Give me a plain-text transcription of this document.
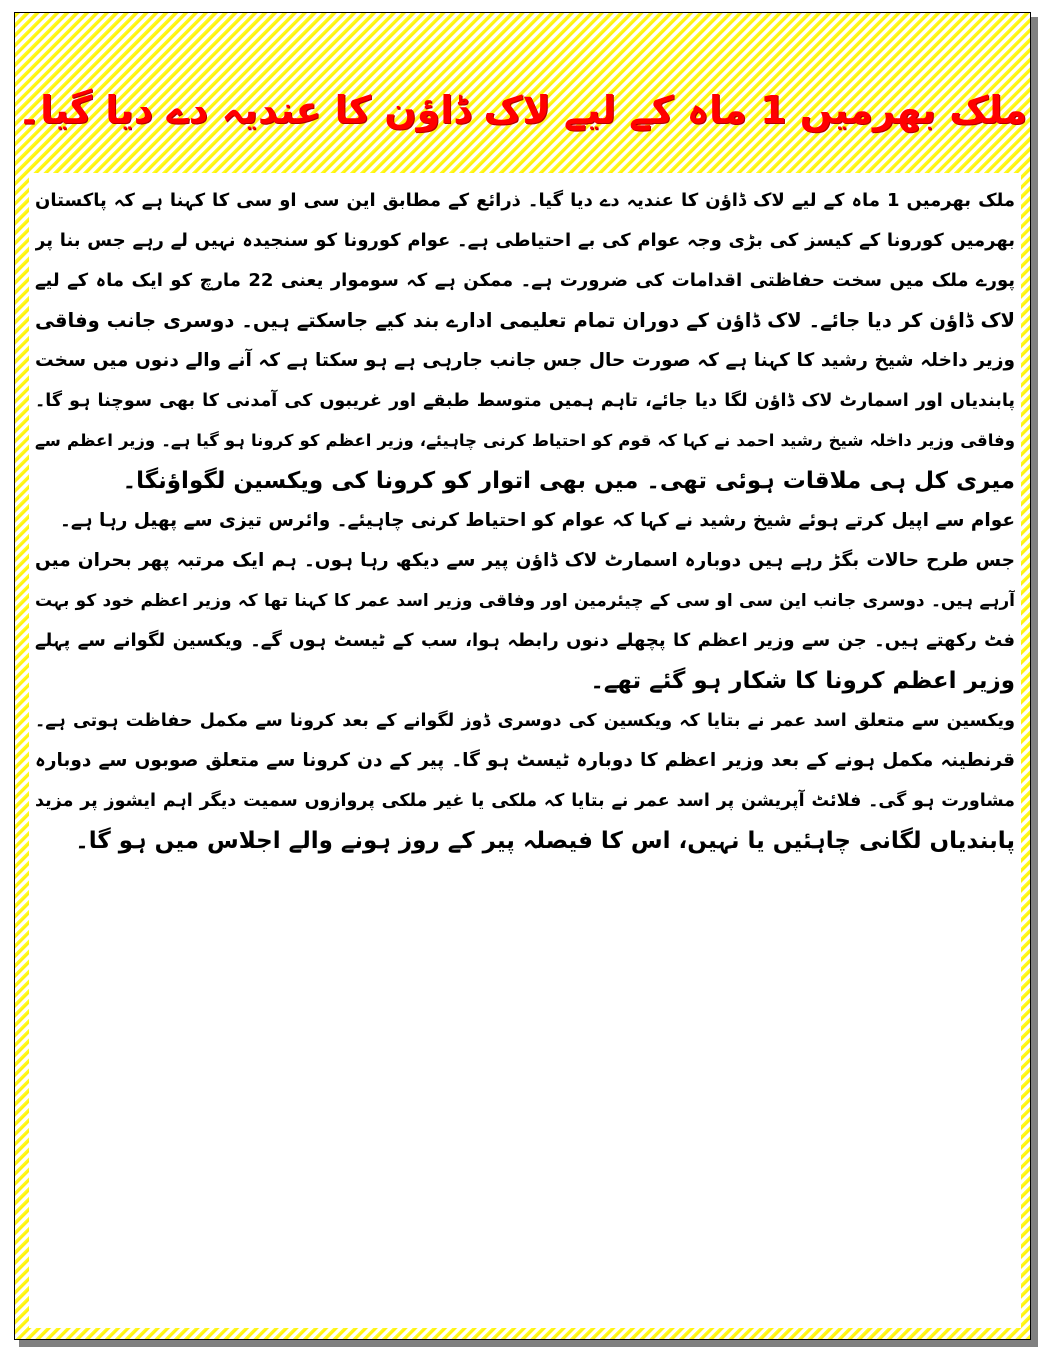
ملک بھرمیں 1 ماہ کے لیے لاک ڈاؤن کا عندیہ دے دیا گیا۔
ملک بھرمیں 1 ماہ کے لیے لاک ڈاؤن کا عندیہ دے دیا گیا۔ ذرائع کے مطابق این سی او سی کا کہنا ہے کہ پاکستان
بھرمیں کورونا کے کیسز کی بڑی وجہ عوام کی بے احتیاطی ہے۔ عوام کورونا کو سنجیدہ نہیں لے رہے جس بنا پر
پورے ملک میں سخت حفاظتی اقدامات کی ضرورت ہے۔ ممکن ہے کہ سوموار یعنی 22 مارچ کو ایک ماہ کے لیے
لاک ڈاؤن کر دیا جائے۔ لاک ڈاؤن کے دوران تمام تعلیمی ادارے بند کیے جاسکتے ہیں۔ دوسری جانب وفاقی
وزیر داخلہ شیخ رشید کا کہنا ہے کہ صورت حال جس جانب جارہی ہے ہو سکتا ہے کہ آنے والے دنوں میں سخت
پابندیاں اور اسمارٹ لاک ڈاؤن لگا دیا جائے، تاہم ہمیں متوسط طبقے اور غریبوں کی آمدنی کا بھی سوچنا ہو گا۔
وفاقی وزیر داخلہ شیخ رشید احمد نے کہا کہ قوم کو احتیاط کرنی چاہیئے، وزیر اعظم کو کرونا ہو گیا ہے۔ وزیر اعظم سے
میری کل ہی ملاقات ہوئی تھی۔ میں بھی اتوار کو کرونا کی ویکسین لگواؤنگا۔
عوام سے اپیل کرتے ہوئے شیخ رشید نے کہا کہ عوام کو احتیاط کرنی چاہیئے۔ وائرس تیزی سے پھیل رہا ہے۔
جس طرح حالات بگڑ رہے ہیں دوبارہ اسمارٹ لاک ڈاؤن پیر سے دیکھ رہا ہوں۔ ہم ایک مرتبہ پھر بحران میں
آرہے ہیں۔ دوسری جانب این سی او سی کے چیئرمین اور وفاقی وزیر اسد عمر کا کہنا تھا کہ وزیر اعظم خود کو بہت
فٹ رکھتے ہیں۔ جن سے وزیر اعظم کا پچھلے دنوں رابطہ ہوا، سب کے ٹیسٹ ہوں گے۔ ویکسین لگوانے سے پہلے
وزیر اعظم کرونا کا شکار ہو گئے تھے۔
ویکسین سے متعلق اسد عمر نے بتایا کہ ویکسین کی دوسری ڈوز لگوانے کے بعد کرونا سے مکمل حفاظت ہوتی ہے۔
قرنطینہ مکمل ہونے کے بعد وزیر اعظم کا دوبارہ ٹیسٹ ہو گا۔ پیر کے دن کرونا سے متعلق صوبوں سے دوبارہ
مشاورت ہو گی۔ فلائٹ آپریشن پر اسد عمر نے بتایا کہ ملکی یا غیر ملکی پروازوں سمیت دیگر اہم ایشوز پر مزید
پابندیاں لگانی چاہئیں یا نہیں، اس کا فیصلہ پیر کے روز ہونے والے اجلاس میں ہو گا۔
